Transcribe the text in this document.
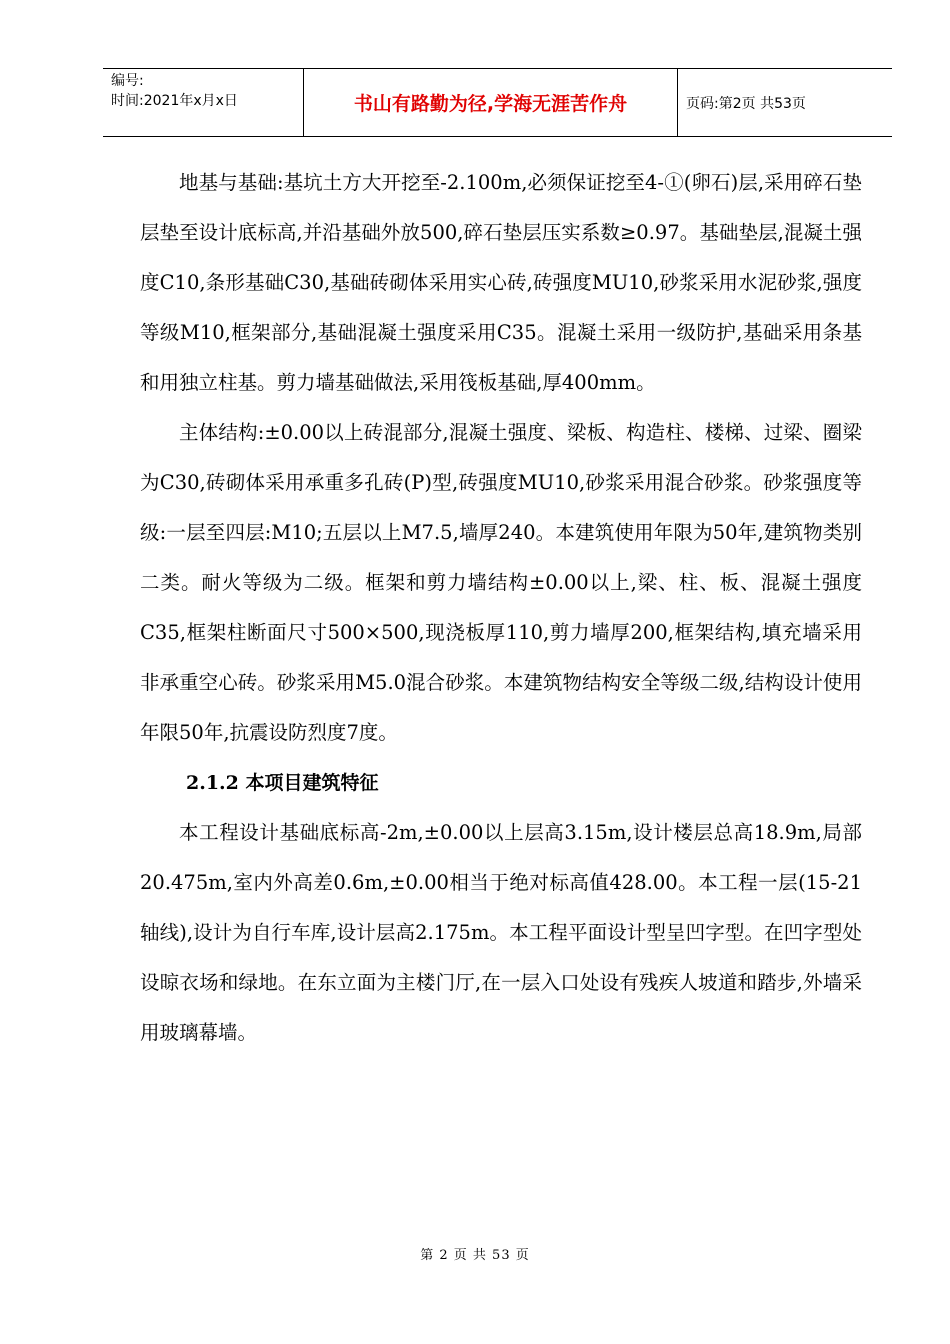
编号:
时间:2021年x月x日	书山有路勤为径,学海无涯苦作舟	页码:第2页 共53页

地基与基础:基坑土方大开挖至-2.100m,必须保证挖至4-①(卵石)层,采用碎石垫层垫至设计底标高,并沿基础外放500,碎石垫层压实系数≥0.97。基础垫层,混凝土强度C10,条形基础C30,基础砖砌体采用实心砖,砖强度MU10,砂浆采用水泥砂浆,强度等级M10,框架部分,基础混凝土强度采用C35。混凝土采用一级防护,基础采用条基和用独立柱基。剪力墙基础做法,采用筏板基础,厚400mm。

主体结构:±0.00以上砖混部分,混凝土强度、梁板、构造柱、楼梯、过梁、圈梁为C30,砖砌体采用承重多孔砖(P)型,砖强度MU10,砂浆采用混合砂浆。砂浆强度等级:一层至四层:M10;五层以上M7.5,墙厚240。本建筑使用年限为50年,建筑物类别二类。耐火等级为二级。框架和剪力墙结构±0.00以上,梁、柱、板、混凝土强度C35,框架柱断面尺寸500×500,现浇板厚110,剪力墙厚200,框架结构,填充墙采用非承重空心砖。砂浆采用M5.0混合砂浆。本建筑物结构安全等级二级,结构设计使用年限50年,抗震设防烈度7度。

2.1.2 本项目建筑特征

本工程设计基础底标高-2m,±0.00以上层高3.15m,设计楼层总高18.9m,局部20.475m,室内外高差0.6m,±0.00相当于绝对标高值428.00。本工程一层(15-21轴线),设计为自行车库,设计层高2.175m。本工程平面设计型呈凹字型。在凹字型处设晾衣场和绿地。在东立面为主楼门厅,在一层入口处设有残疾人坡道和踏步,外墙采用玻璃幕墙。

第 2 页 共 53 页
